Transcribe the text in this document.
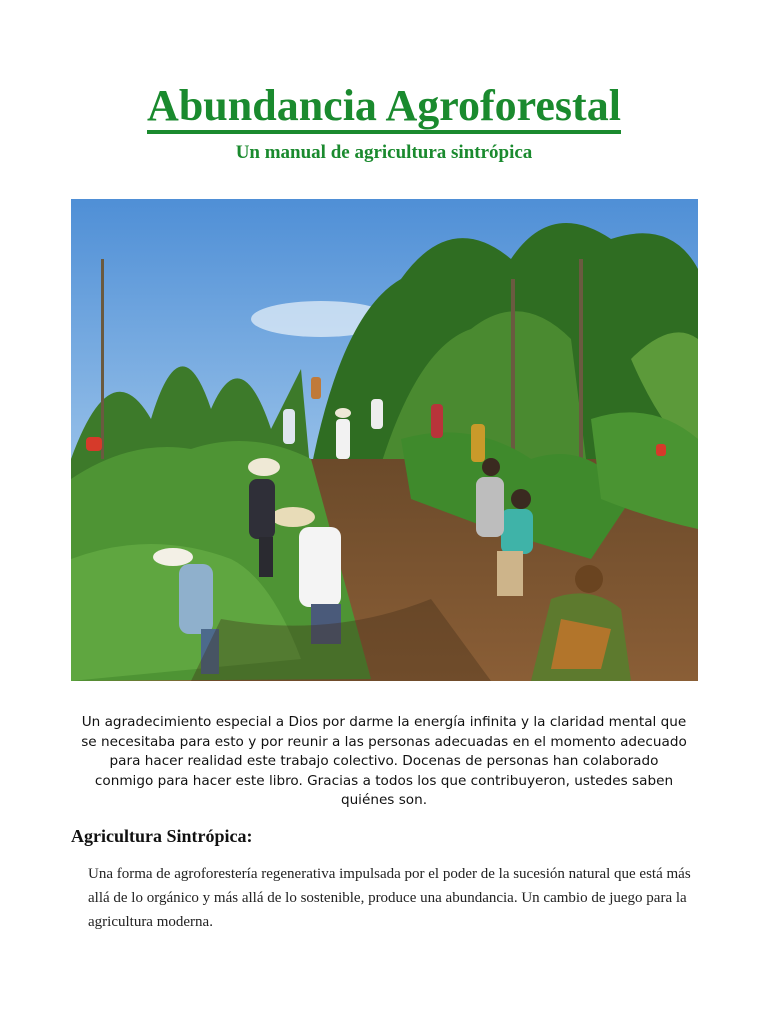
Abundancia Agroforestal
Un manual de agricultura sintrópica
Un agradecimiento especial a Dios por darme la energía infinita y la claridad mental que se necesitaba para esto y por reunir a las personas adecuadas en el momento adecuado para hacer realidad este trabajo colectivo. Docenas de personas han colaborado conmigo para hacer este libro. Gracias a todos los que contribuyeron, ustedes saben quiénes son.
Agricultura Sintrópica:
Una forma de agroforestería regenerativa impulsada por el poder de la sucesión natural que está más allá de lo orgánico y más allá de lo sostenible, produce una abundancia. Un cambio de juego para la agricultura moderna.
